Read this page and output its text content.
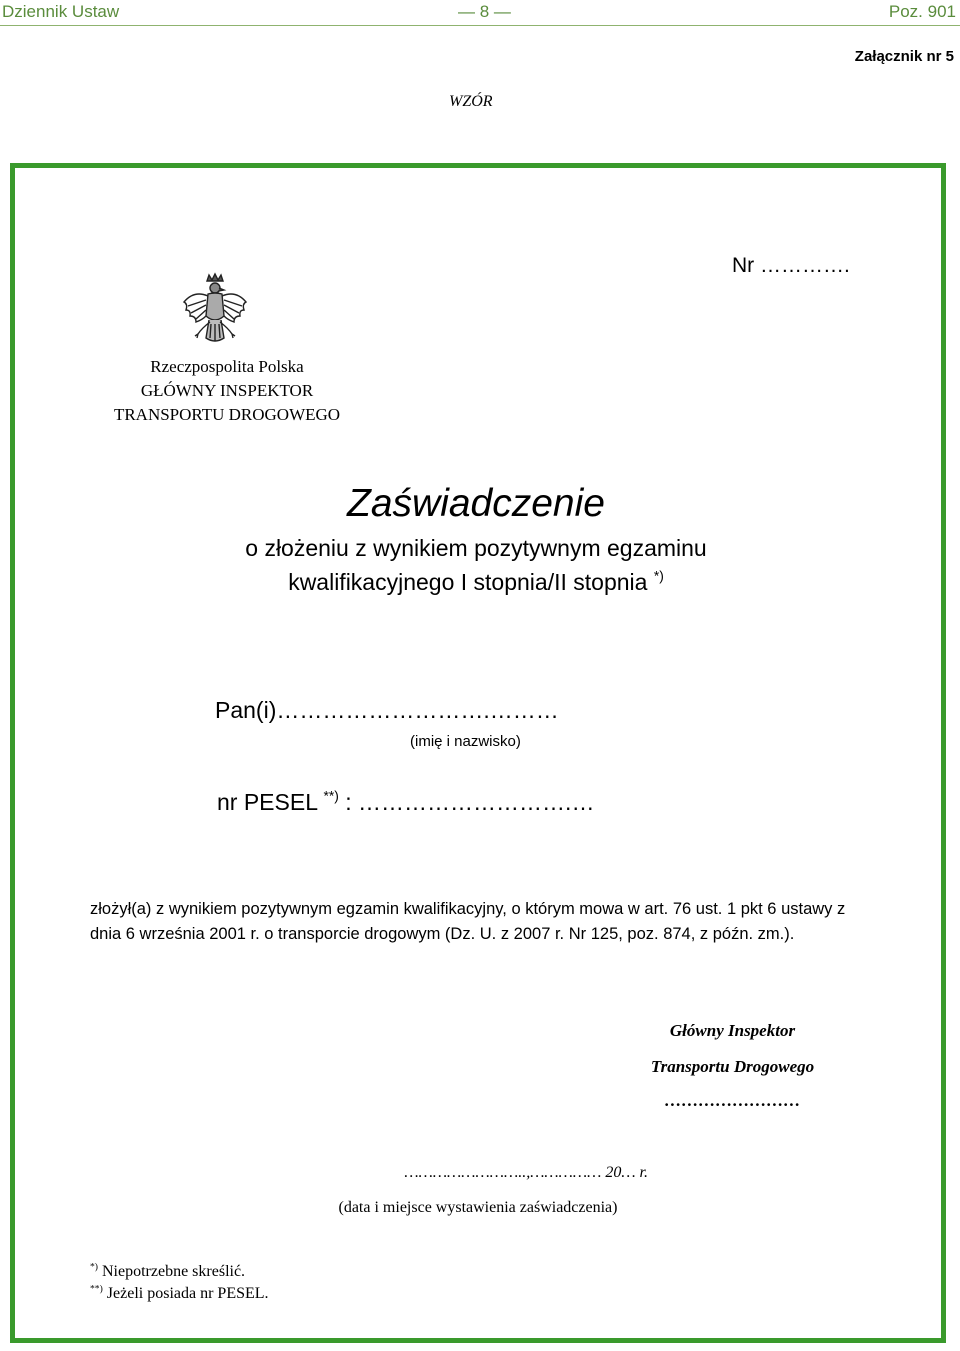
Dziennik Ustaw	— 8 —	Poz. 901
Załącznik nr 5
WZÓR
Nr ………….
Rzeczpospolita Polska
GŁÓWNY INSPEKTOR
TRANSPORTU DROGOWEGO
Zaświadczenie
o złożeniu z wynikiem pozytywnym egzaminu
kwalifikacyjnego I stopnia/II stopnia *)
Pan(i)……………………….………
(imię i nazwisko)
nr PESEL **) : ……………………….…
złożył(a) z wynikiem pozytywnym egzamin kwalifikacyjny, o którym mowa w art. 76 ust. 1 pkt 6 ustawy z dnia 6 września 2001 r. o transporcie drogowym (Dz. U. z 2007 r. Nr 125, poz. 874, z późn. zm.).
Główny Inspektor
Transportu Drogowego
……………………
……………………..,…………… 20… r.
(data i miejsce wystawienia zaświadczenia)
*) Niepotrzebne skreślić.
**) Jeżeli posiada nr PESEL.
